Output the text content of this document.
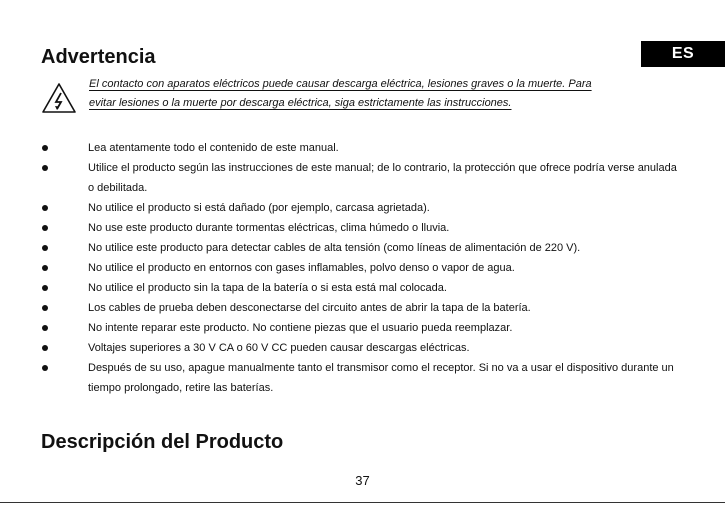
ES
Advertencia
El contacto con aparatos eléctricos puede causar descarga eléctrica, lesiones graves o la muerte. Para
evitar lesiones o la muerte por descarga eléctrica, siga estrictamente las instrucciones.
Lea atentamente todo el contenido de este manual.
Utilice el producto según las instrucciones de este manual; de lo contrario, la protección que ofrece podría verse anulada o debilitada.
No utilice el producto si está dañado (por ejemplo, carcasa agrietada).
No use este producto durante tormentas eléctricas, clima húmedo o lluvia.
No utilice este producto para detectar cables de alta tensión (como líneas de alimentación de 220 V).
No utilice el producto en entornos con gases inflamables, polvo denso o vapor de agua.
No utilice el producto sin la tapa de la batería o si esta está mal colocada.
Los cables de prueba deben desconectarse del circuito antes de abrir la tapa de la batería.
No intente reparar este producto. No contiene piezas que el usuario pueda reemplazar.
Voltajes superiores a 30 V CA o 60 V CC pueden causar descargas eléctricas.
Después de su uso, apague manualmente tanto el transmisor como el receptor. Si no va a usar el dispositivo durante un tiempo prolongado, retire las baterías.
Descripción del Producto
37
